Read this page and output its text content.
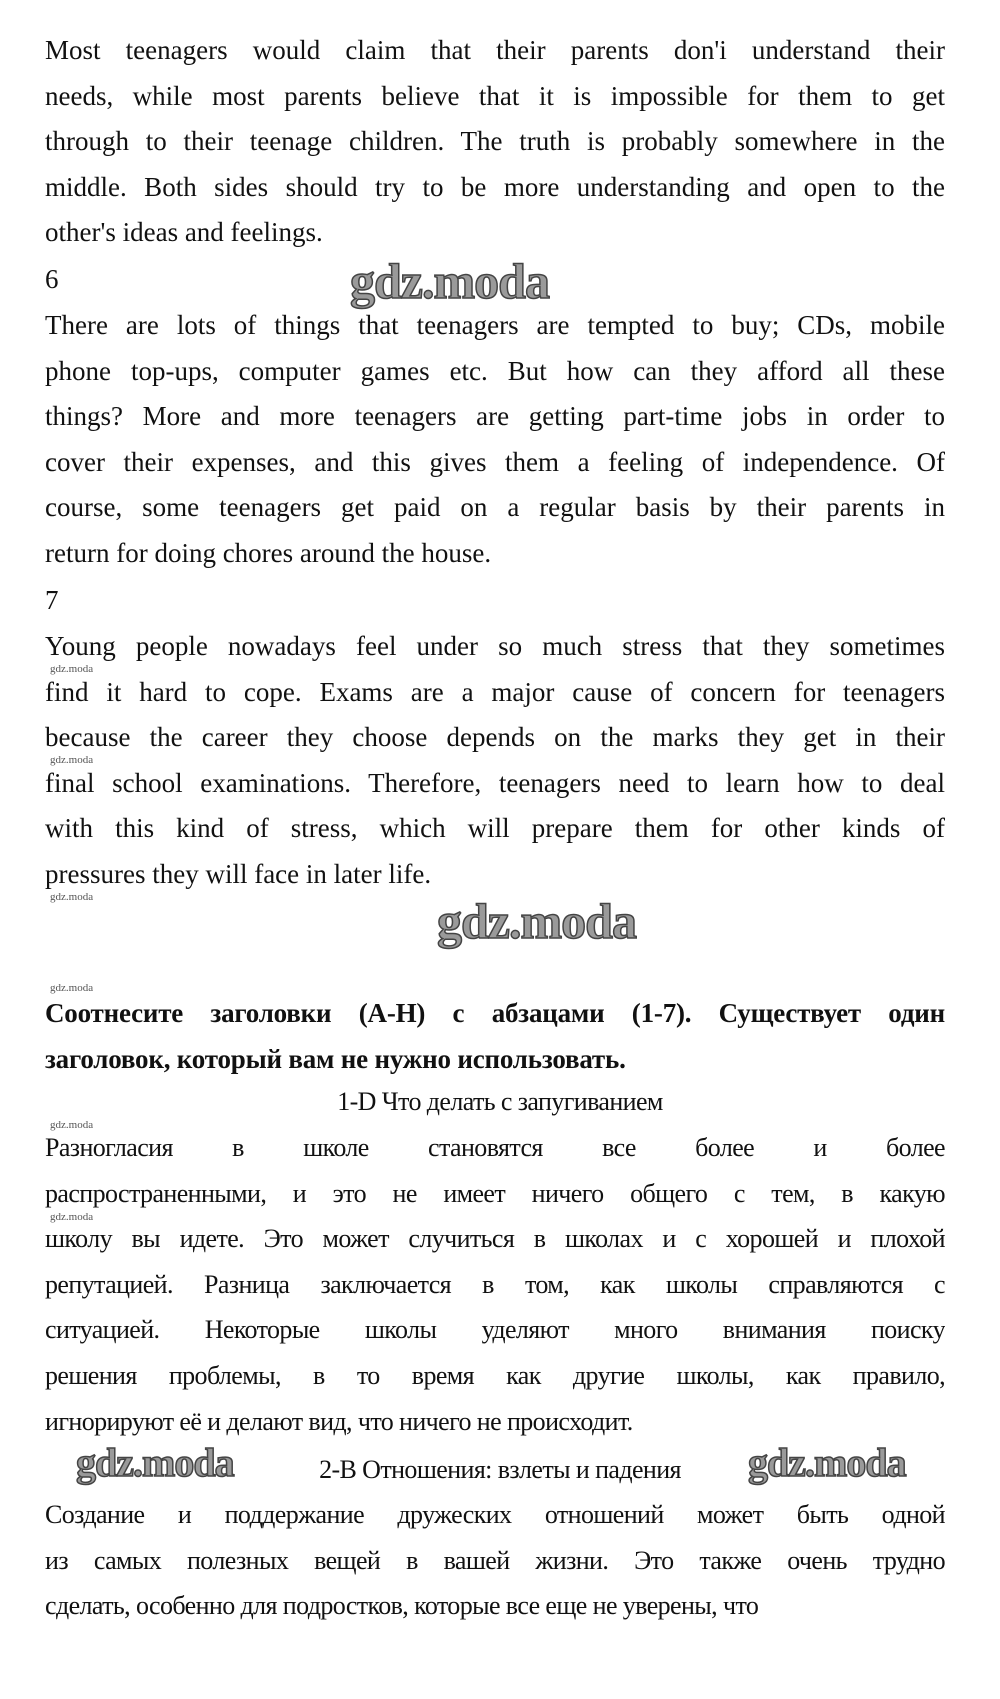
Most teenagers would claim that their parents don'i understand their
needs, while most parents believe that it is impossible for them to get
through to their teenage children. The truth is probably somewhere in the
middle. Both sides should try to be more understanding and open to the
other's ideas and feelings.
6
There are lots of things that teenagers are tempted to buy; CDs, mobile
phone top-ups, computer games etc. But how can they afford all these
things? More and more teenagers are getting part-time jobs in order to
cover their expenses, and this gives them a feeling of independence. Of
course, some teenagers get paid on a regular basis by their parents in
return for doing chores around the house.
7
Young people nowadays feel under so much stress that they sometimes
find it hard to cope. Exams are a major cause of concern for teenagers
because the career they choose depends on the marks they get in their
final school examinations. Therefore, teenagers need to learn how to deal
with this kind of stress, which will prepare them for other kinds of
pressures they will face in later life.
Соотнесите заголовки (A-H) с абзацами (1-7). Существует один
заголовок, который вам не нужно использовать.
1-D Что делать с запугиванием
Разногласия в школе становятся все более и более
распространенными, и это не имеет ничего общего с тем, в какую
школу вы идете. Это может случиться в школах и с хорошей и плохой
репутацией. Разница заключается в том, как школы справляются с
ситуацией. Некоторые школы уделяют много внимания поиску
решения проблемы, в то время как другие школы, как правило,
игнорируют её и делают вид, что ничего не происходит.
2-B Отношения: взлеты и падения
Создание и поддержание дружеских отношений может быть одной
из самых полезных вещей в вашей жизни. Это также очень трудно
сделать, особенно для подростков, которые все еще не уверены, что
gdz.moda
gdz.moda
gdz.moda	gdz.moda
gdz.moda
gdz.moda
gdz.moda
gdz.moda
gdz.moda
gdz.moda
